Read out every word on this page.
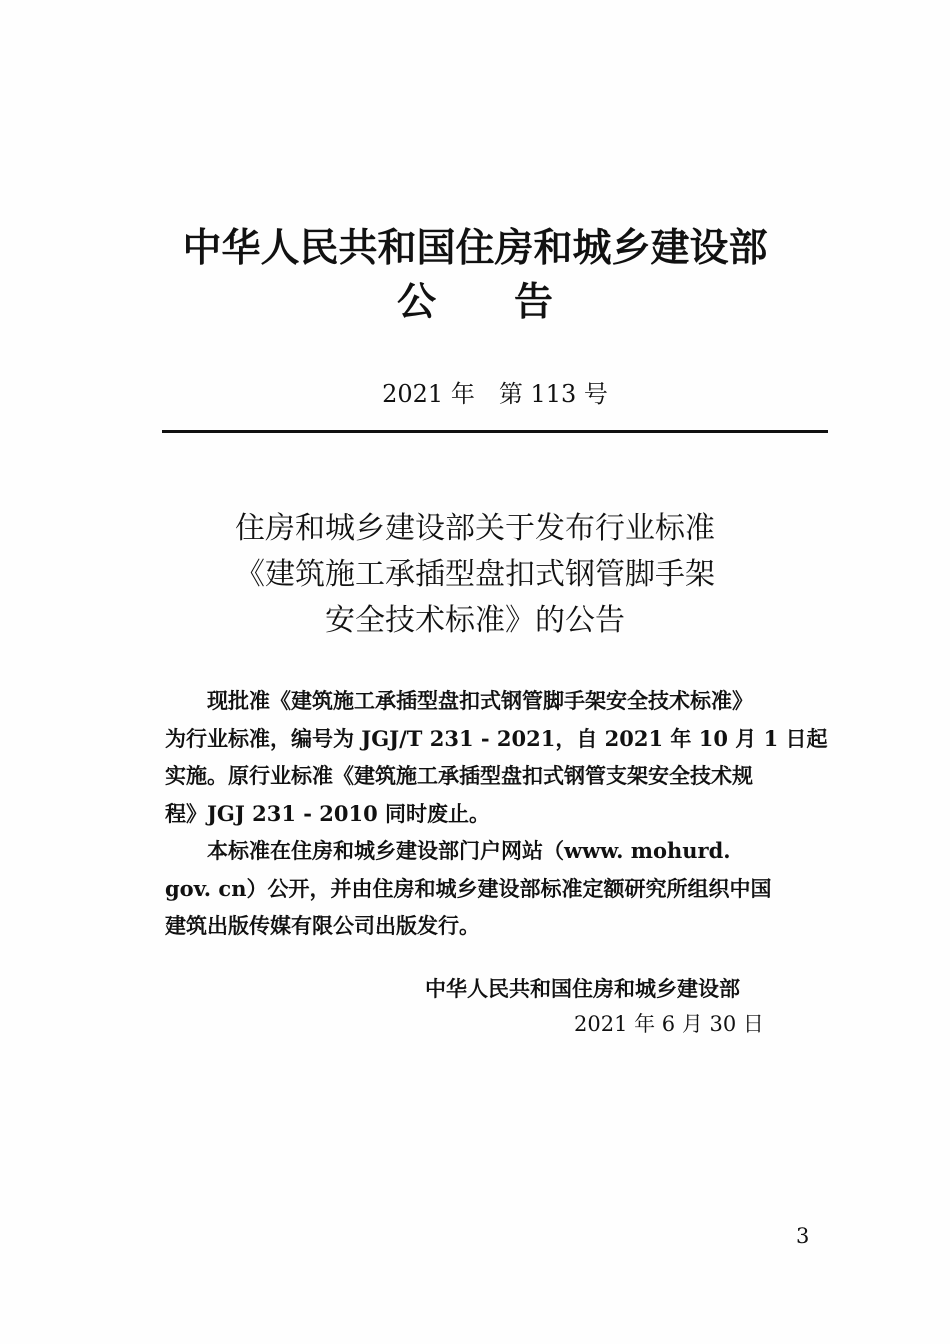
中华人民共和国住房和城乡建设部
公　　告
2021 年　第 113 号
住房和城乡建设部关于发布行业标准
《建筑施工承插型盘扣式钢管脚手架
安全技术标准》的公告

　　现批准《建筑施工承插型盘扣式钢管脚手架安全技术标准》
为行业标准，编号为 JGJ/T 231 - 2021，自 2021 年 10 月 1 日起
实施。原行业标准《建筑施工承插型盘扣式钢管支架安全技术规
程》JGJ 231 - 2010 同时废止。

　　本标准在住房和城乡建设部门户网站（www. mohurd.
gov. cn）公开，并由住房和城乡建设部标准定额研究所组织中国
建筑出版传媒有限公司出版发行。

中华人民共和国住房和城乡建设部
2021 年 6 月 30 日
3
